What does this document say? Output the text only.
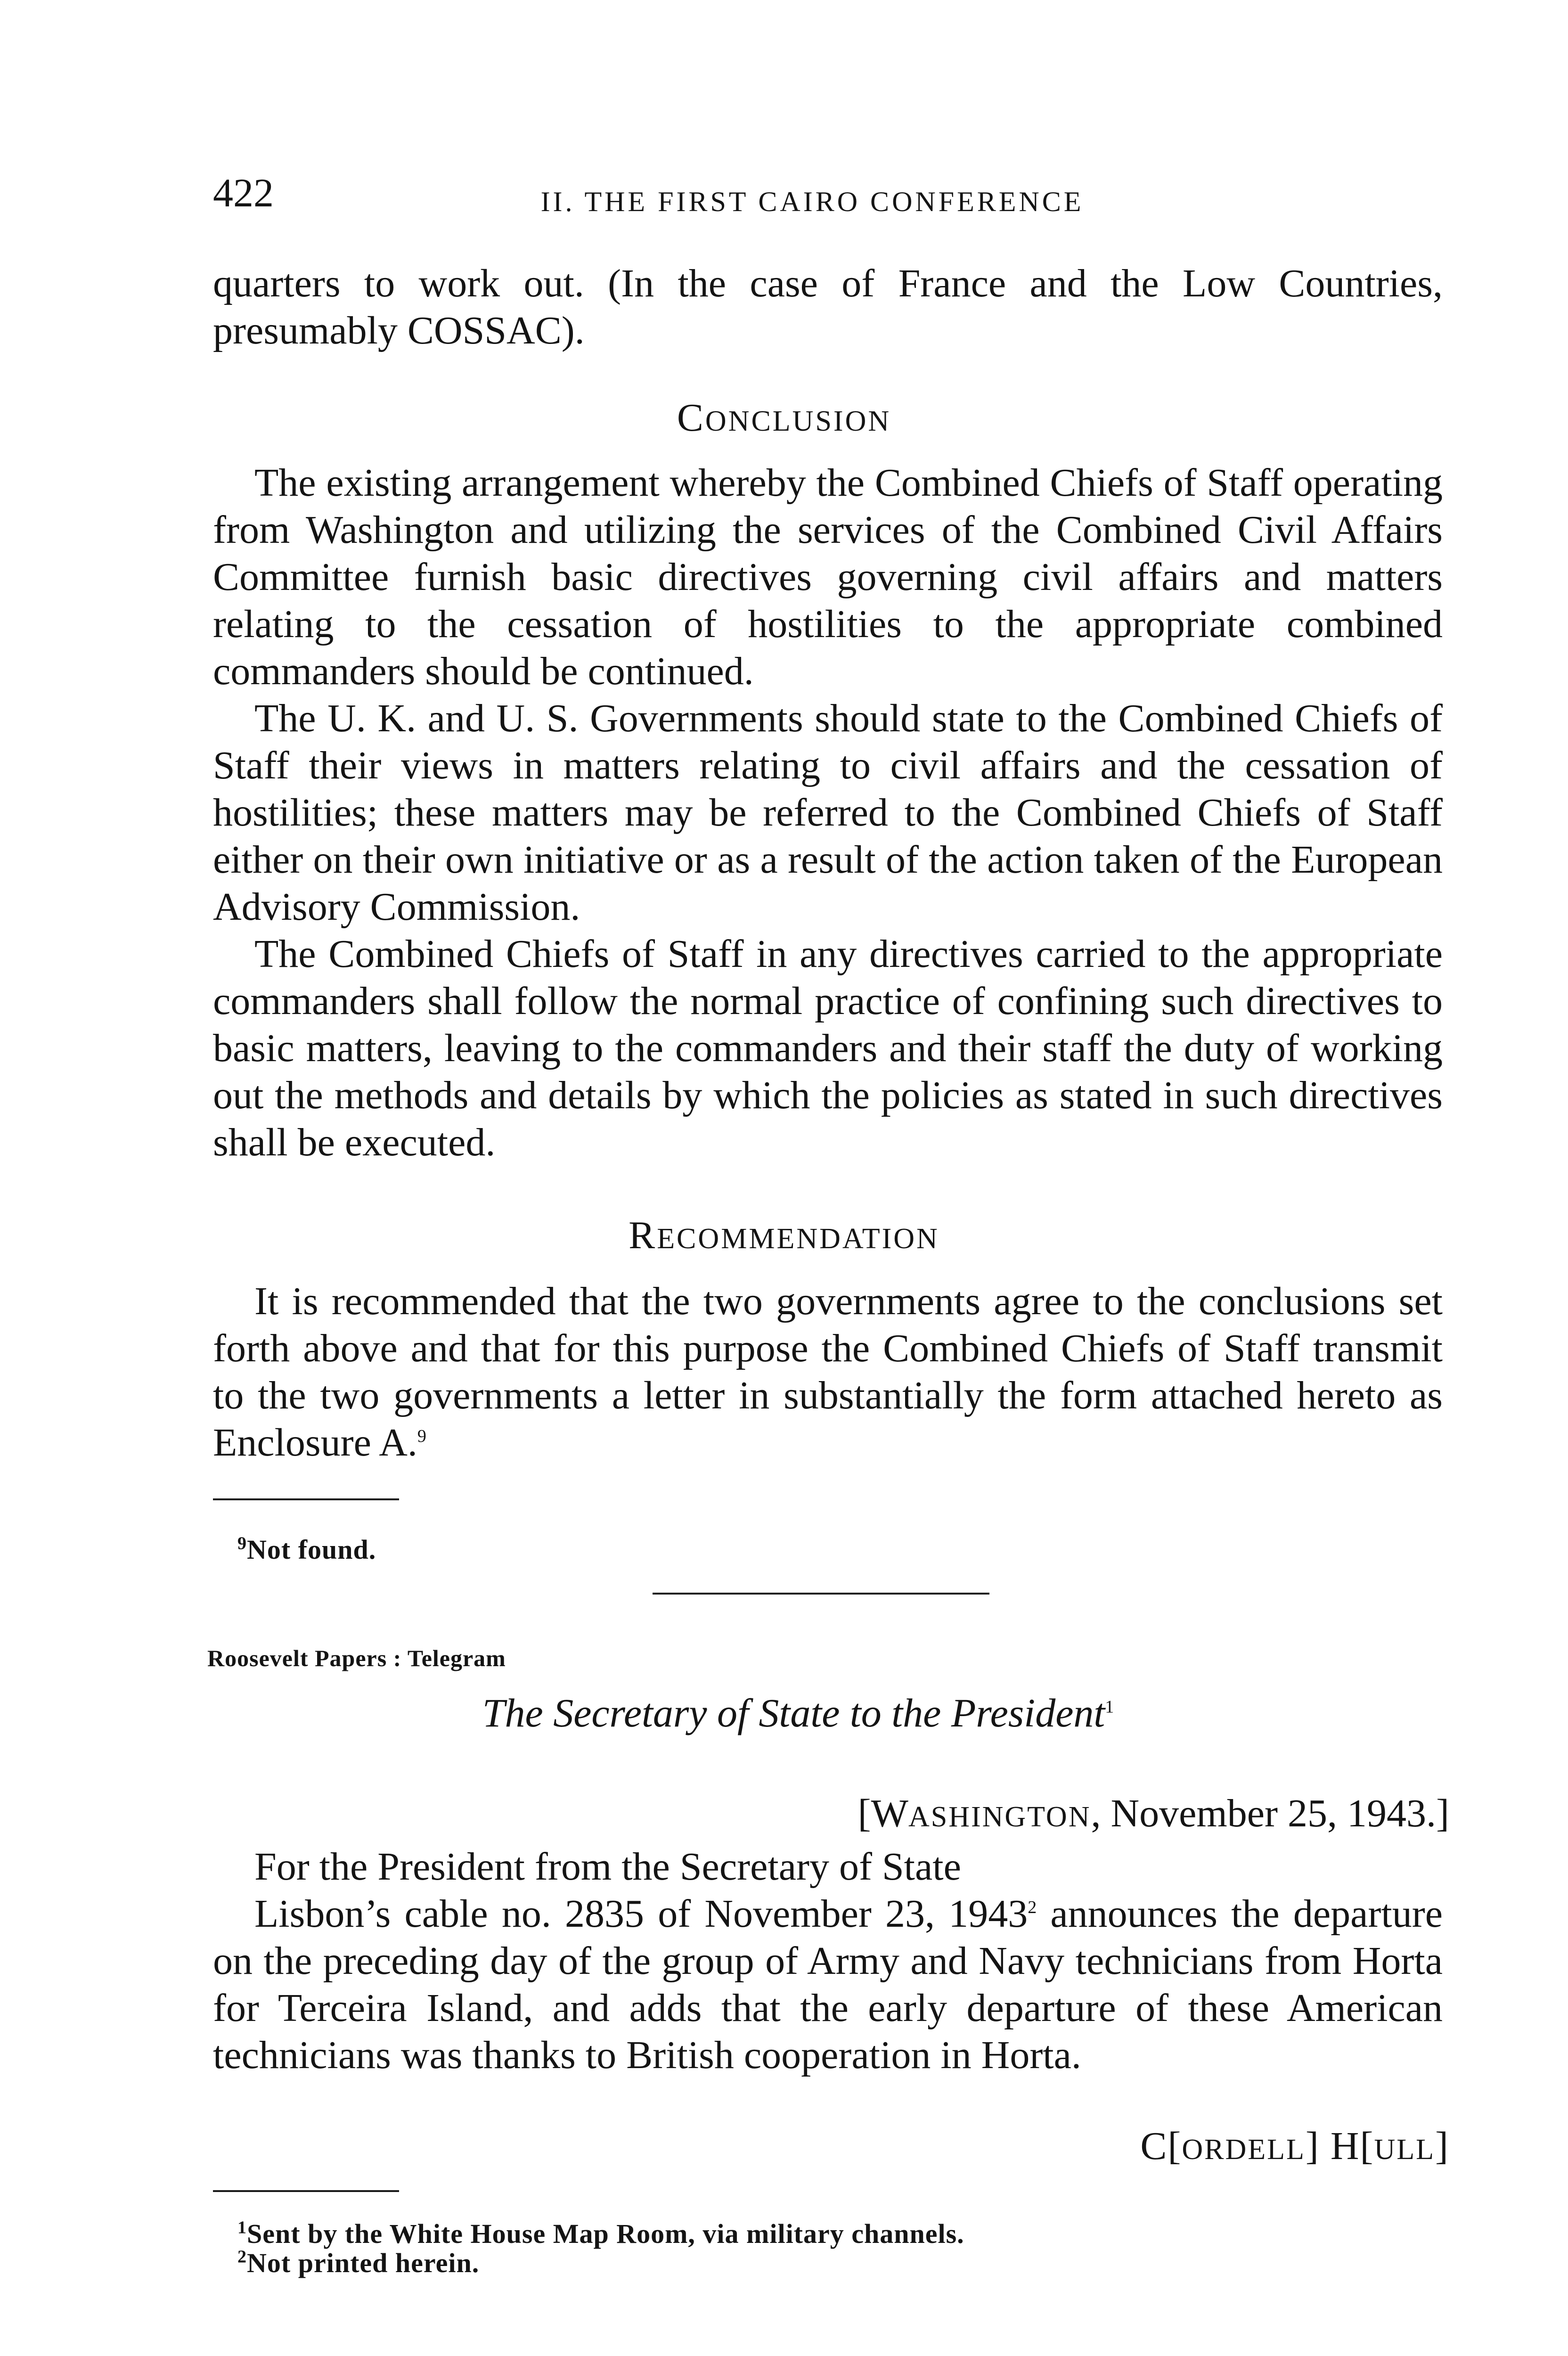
422	II. THE FIRST CAIRO CONFERENCE

quarters to work out. (In the case of France and the Low Countries, presumably COSSAC).

CONCLUSION

The existing arrangement whereby the Combined Chiefs of Staff operating from Washington and utilizing the services of the Combined Civil Affairs Committee furnish basic directives governing civil affairs and matters relating to the cessation of hostilities to the appropriate combined commanders should be continued.

The U. K. and U. S. Governments should state to the Combined Chiefs of Staff their views in matters relating to civil affairs and the cessation of hostilities; these matters may be referred to the Combined Chiefs of Staff either on their own initiative or as a result of the action taken of the European Advisory Commission.

The Combined Chiefs of Staff in any directives carried to the appropriate commanders shall follow the normal practice of confining such directives to basic matters, leaving to the commanders and their staff the duty of working out the methods and details by which the policies as stated in such directives shall be executed.

RECOMMENDATION

It is recommended that the two governments agree to the conclusions set forth above and that for this purpose the Combined Chiefs of Staff transmit to the two governments a letter in substantially the form attached hereto as Enclosure A.$^9$

$^9$Not found.
Roosevelt Papers : Telegram
The Secretary of State to the President$^1$
[WASHINGTON, November 25, 1943.]

For the President from the Secretary of State

Lisbon’s cable no. 2835 of November 23, 1943$^2$ announces the departure on the preceding day of the group of Army and Navy technicians from Horta for Terceira Island, and adds that the early departure of these American technicians was thanks to British cooperation in Horta.

C[ORDELL] H[ULL]
$^1$Sent by the White House Map Room, via military channels.
$^2$Not printed herein.
